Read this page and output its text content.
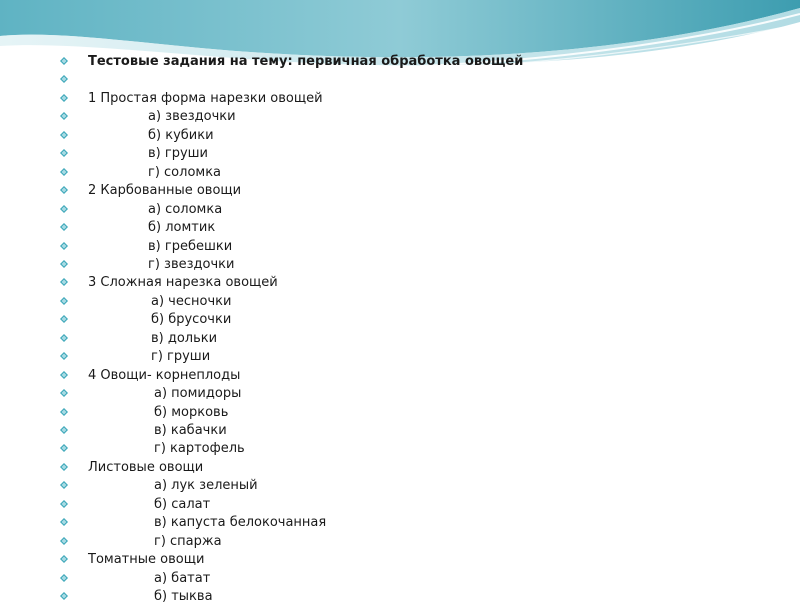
Тестовые задания на тему: первичная обработка овощей
1 Простая форма нарезки овощей
а) звездочки
б) кубики
в) груши
г) соломка
2 Карбованные овощи
а) соломка
б) ломтик
в) гребешки
г) звездочки
3 Сложная нарезка овощей
а) чесночки
б) брусочки
в) дольки
г) груши
4 Овощи- корнеплоды
а) помидоры
б) морковь
в) кабачки
г) картофель
Листовые овощи
а) лук зеленый
б) салат
в) капуста белокочанная
г) спаржа
Томатные овощи
а) батат
б) тыква
